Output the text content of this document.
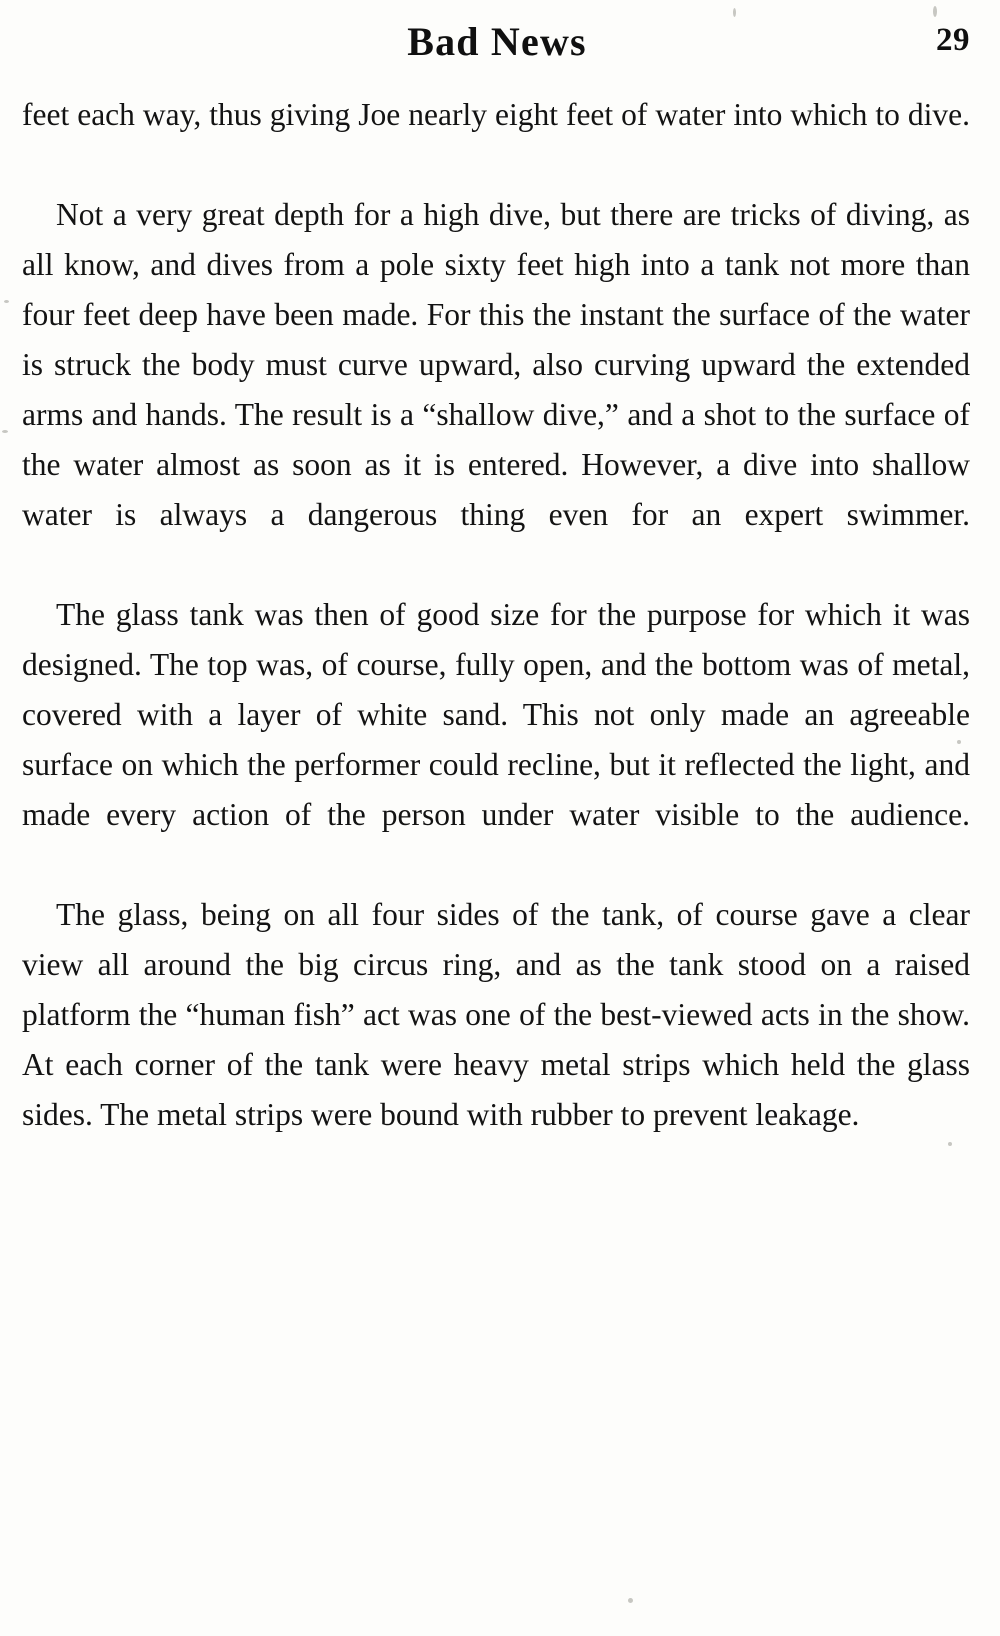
Bad News	29

feet each way, thus giving Joe nearly eight feet of water into which to dive.

Not a very great depth for a high dive, but there are tricks of diving, as all know, and dives from a pole sixty feet high into a tank not more than four feet deep have been made. For this the instant the surface of the water is struck the body must curve upward, also curving upward the extended arms and hands. The result is a “shallow dive,” and a shot to the surface of the water almost as soon as it is entered. However, a dive into shallow water is always a dangerous thing even for an expert swimmer.

The glass tank was then of good size for the purpose for which it was designed. The top was, of course, fully open, and the bottom was of metal, covered with a layer of white sand. This not only made an agreeable surface on which the performer could recline, but it reflected the light, and made every action of the person under water visible to the audience.

The glass, being on all four sides of the tank, of course gave a clear view all around the big circus ring, and as the tank stood on a raised platform the “human fish” act was one of the best-viewed acts in the show. At each corner of the tank were heavy metal strips which held the glass sides. The metal strips were bound with rubber to prevent leakage.
